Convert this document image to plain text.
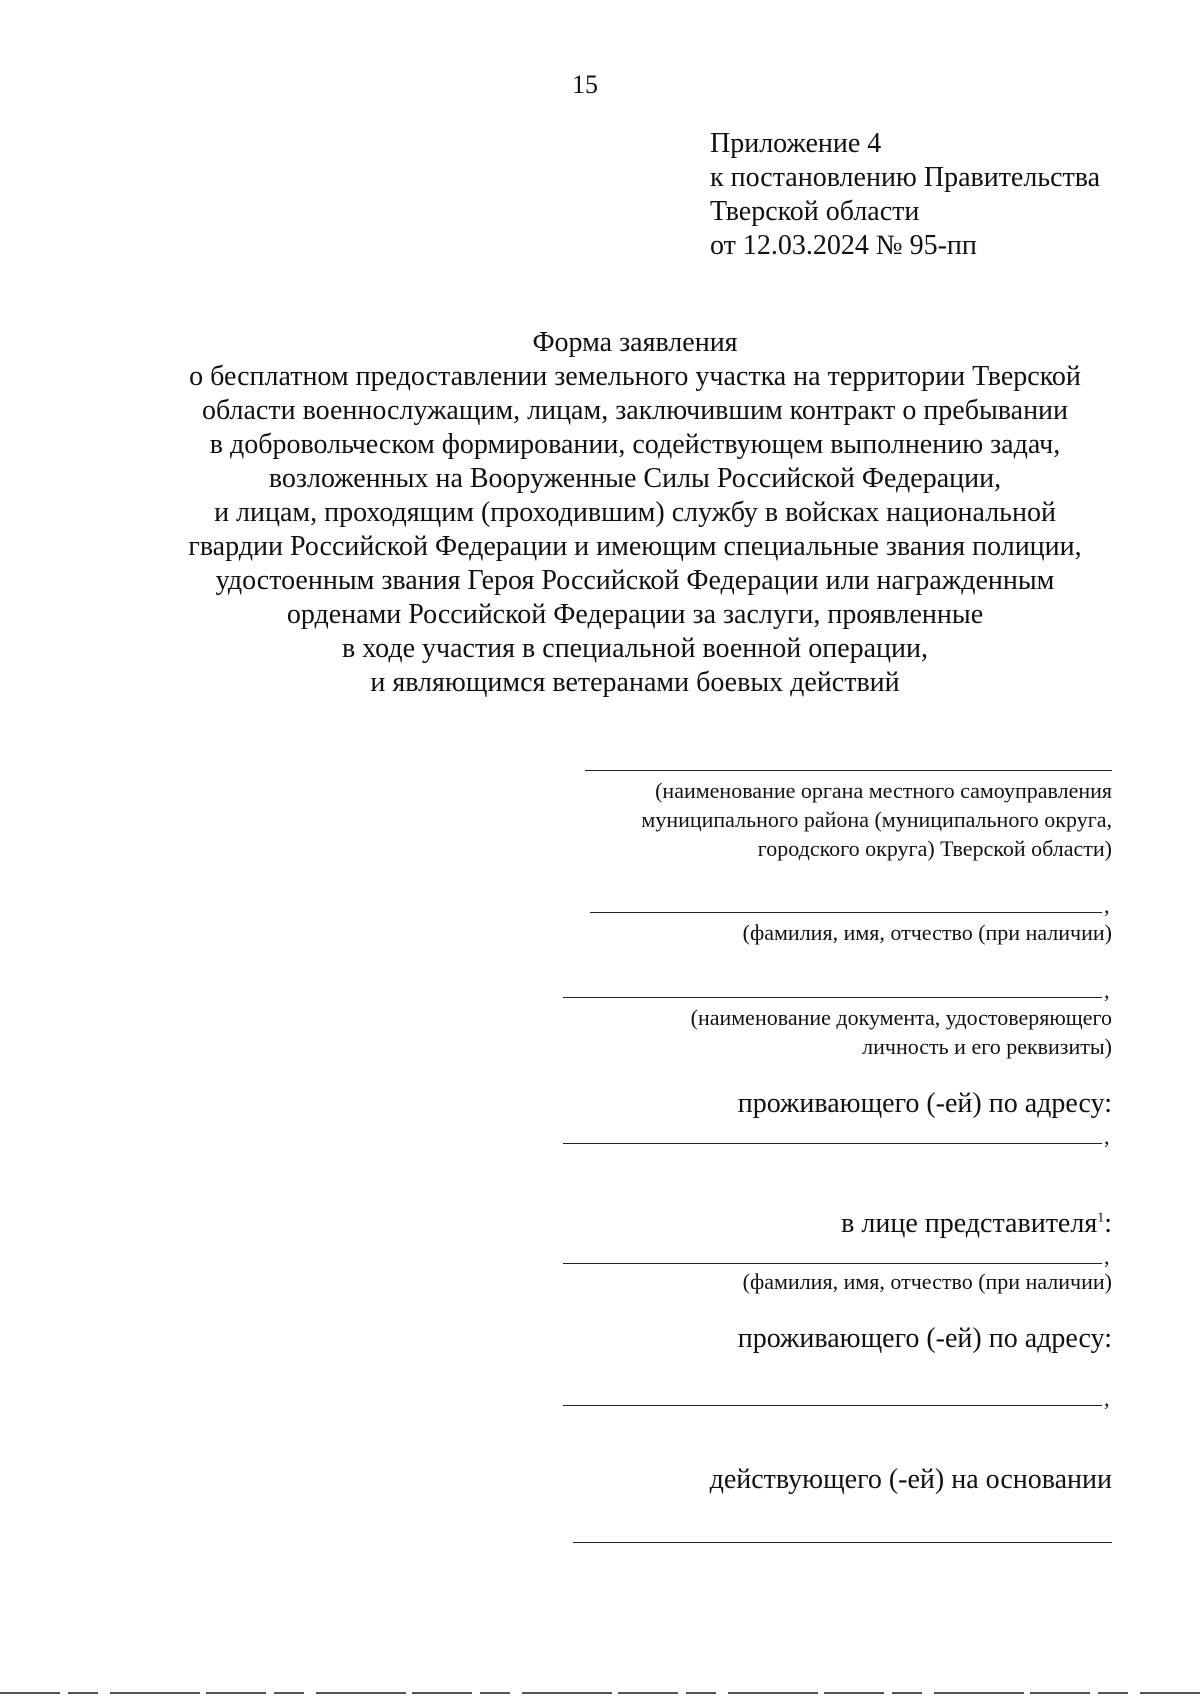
15
Приложение 4
к постановлению Правительства
Тверской области
от 12.03.2024 № 95-пп
Форма заявления
о бесплатном предоставлении земельного участка на территории Тверской
области военнослужащим, лицам, заключившим контракт о пребывании
в добровольческом формировании, содействующем выполнению задач,
возложенных на Вооруженные Силы Российской Федерации,
и лицам, проходящим (проходившим) службу в войсках национальной
гвардии Российской Федерации и имеющим специальные звания полиции,
удостоенным звания Героя Российской Федерации или награжденным
орденами Российской Федерации за заслуги, проявленные
в ходе участия в специальной военной операции,
и являющимся ветеранами боевых действий
(наименование органа местного самоуправления
муниципального района (муниципального округа,
городского округа) Тверской области)
,
(фамилия, имя, отчество (при наличии)
,
(наименование документа, удостоверяющего
личность и его реквизиты)
проживающего (-ей) по адресу:
,
в лице представителя$^1$:
,
(фамилия, имя, отчество (при наличии)
проживающего (-ей) по адресу:
,
действующего (-ей) на основании
